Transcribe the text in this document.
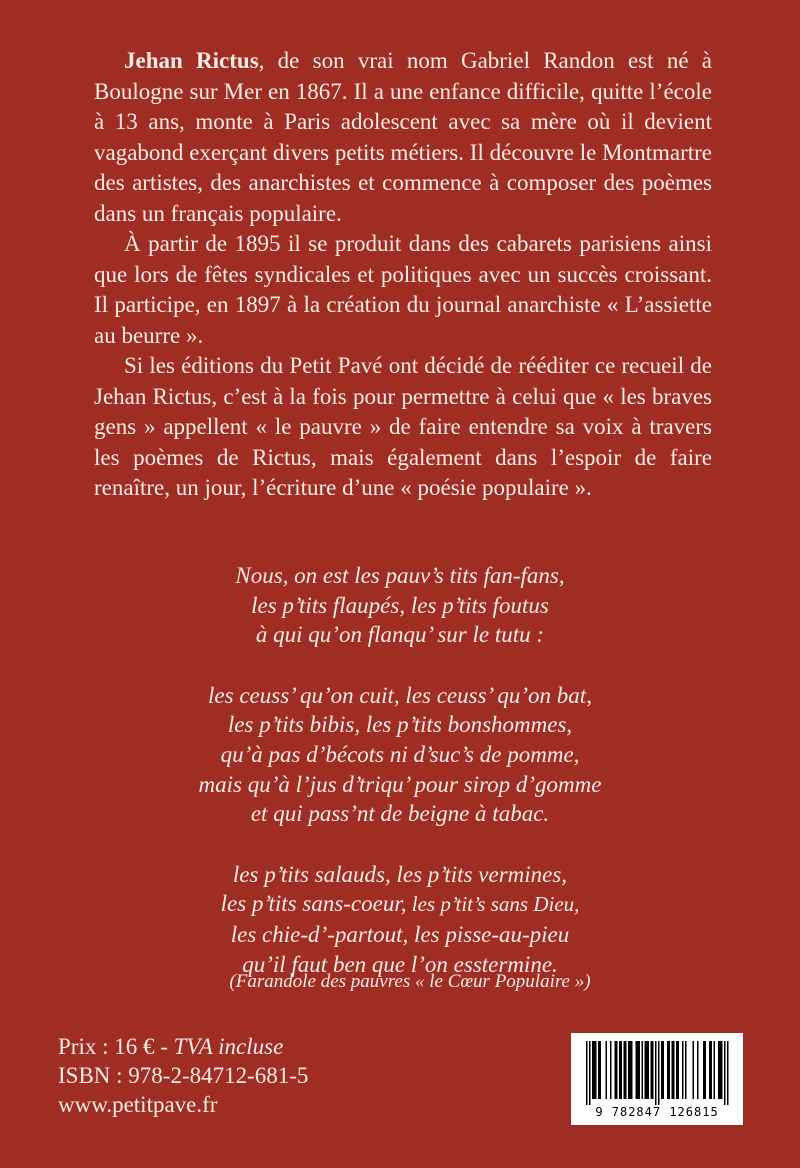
Jehan Rictus, de son vrai nom Gabriel Randon est né à Boulogne sur Mer en 1867. Il a une enfance difficile, quitte l’école à 13 ans, monte à Paris adolescent avec sa mère où il devient vagabond exerçant divers petits métiers. Il découvre le Montmartre des artistes, des anarchistes et commence à composer des poèmes dans un français populaire.

À partir de 1895 il se produit dans des cabarets parisiens ainsi que lors de fêtes syndicales et politiques avec un succès croissant. Il participe, en 1897 à la création du journal anarchiste « L’assiette au beurre ».

Si les éditions du Petit Pavé ont décidé de rééditer ce recueil de Jehan Rictus, c’est à la fois pour permettre à celui que « les braves gens » appellent « le pauvre » de faire entendre sa voix à travers les poèmes de Rictus, mais également dans l’espoir de faire renaître, un jour, l’écriture d’une « poésie populaire ».

Nous, on est les pauv’s tits fan-fans,
les p’tits flaupés, les p’tits foutus
à qui qu’on flanqu’ sur le tutu :
les ceuss’ qu’on cuit, les ceuss’ qu’on bat,
les p’tits bibis, les p’tits bonshommes,
qu’à pas d’bécots ni d’suc’s de pomme,
mais qu’à l’jus d’triqu’ pour sirop d’gomme
et qui pass’nt de beigne à tabac.
les p’tits salauds, les p’tits vermines,
les p’tits sans-coeur, les p’tit’s sans Dieu,
les chie-d’-partout, les pisse-au-pieu
qu’il faut ben que l’on esstermine.
(Farandole des pauvres « le Cœur Populaire »)
Prix : 16 € - TVA incluse
ISBN : 978-2-84712-681-5
www.petitpave.fr	9 782847 126815
